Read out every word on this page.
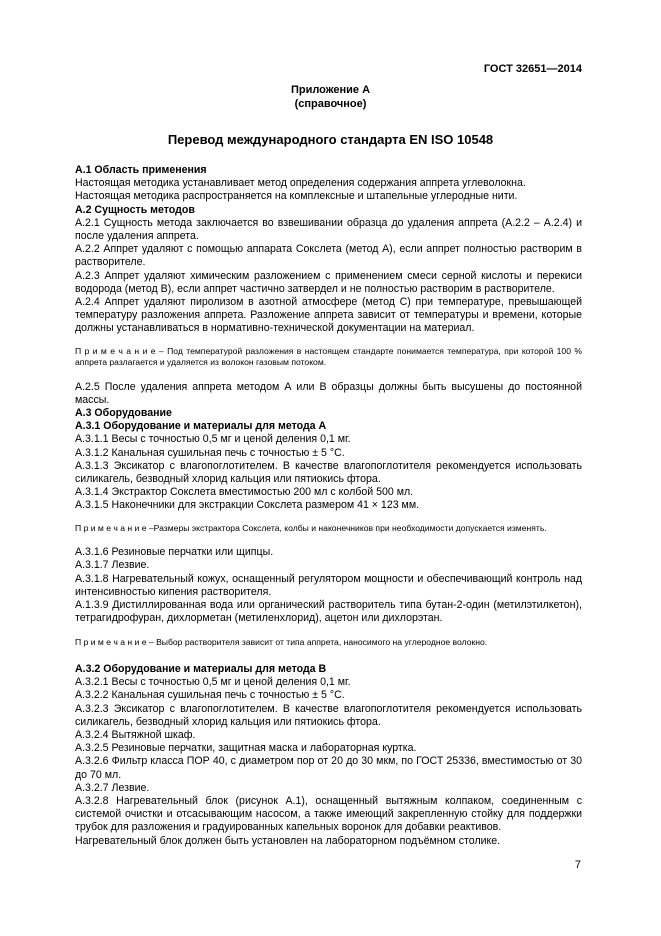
ГОСТ 32651—2014
Приложение А
(справочное)
Перевод международного стандарта EN ISO 10548

А.1 Область применения

Настоящая методика устанавливает метод определения содержания аппрета углеволокна.

Настоящая методика распространяется на комплексные и штапельные углеродные нити.

А.2 Сущность методов

А.2.1 Сущность метода заключается во взвешивании образца до удаления аппрета (А.2.2 – А.2.4) и после удаления аппрета.

А.2.2 Аппрет удаляют с помощью аппарата Сокслета (метод А), если аппрет полностью растворим в растворителе.

А.2.3 Аппрет удаляют химическим разложением с применением смеси серной кислоты и перекиси водорода (метод В), если аппрет частично затвердел и не полностью растворим в растворителе.

А.2.4 Аппрет удаляют пиролизом в азотной атмосфере (метод С) при температуре, превышающей температуру разложения аппрета. Разложение аппрета зависит от температуры и времени, которые должны устанавливаться в нормативно-технической документации на материал.

П р и м е ч а н и е – Под температурой разложения в настоящем стандарте понимается температура, при которой 100 % аппрета разлагается и удаляется из волокон газовым потоком.

А.2.5 После удаления аппрета методом А или В образцы должны быть высушены до постоянной массы.

А.3 Оборудование

А.3.1 Оборудование и материалы для метода А

А.3.1.1 Весы с точностью 0,5 мг и ценой деления 0,1 мг.

А.3.1.2 Канальная сушильная печь с точностью ± 5 °С.

А.3.1.3 Эксикатор с влагопоглотителем. В качестве влагопоглотителя рекомендуется использовать силикагель, безводный хлорид кальция или пятиокись фтора.

А.3.1.4 Экстрактор Сокслета вместимостью 200 мл с колбой 500 мл.

А.3.1.5 Наконечники для экстракции Сокслета размером 41 × 123 мм.

П р и м е ч а н и е –Размеры экстрактора Сокслета, колбы и наконечников при необходимости допускается изменять.

А.3.1.6 Резиновые перчатки или щипцы.

А.3.1.7 Лезвие.

А.3.1.8 Нагревательный кожух, оснащенный регулятором мощности и обеспечивающий контроль над интенсивностью кипения растворителя.

А.1.3.9 Дистиллированная вода или органический растворитель типа бутан-2-один (метилэтилкетон), тетрагидрофуран, дихлорметан (метиленхлорид), ацетон или дихлорэтан.

П р и м е ч а н и е – Выбор растворителя зависит от типа аппрета, наносимого на углеродное волокно.

А.3.2 Оборудование и материалы для метода В

А.3.2.1 Весы с точностью 0,5 мг и ценой деления 0,1 мг.

А.3.2.2 Канальная сушильная печь с точностью ± 5 °С.

А.3.2.3 Эксикатор с влагопоглотителем. В качестве влагопоглотителя рекомендуется использовать силикагель, безводный хлорид кальция или пятиокись фтора.

А.3.2.4 Вытяжной шкаф.

А.3.2.5 Резиновые перчатки, защитная маска и лабораторная куртка.

А.3.2.6 Фильтр класса ПОР 40, с диаметром пор от 20 до 30 мкм, по ГОСТ 25336, вместимостью от 30 до 70 мл.

А.3.2.7 Лезвие.

А.3.2.8 Нагревательный блок (рисунок А.1), оснащенный вытяжным колпаком, соединенным с системой очистки и отсасывающим насосом, а также имеющий закрепленную стойку для поддержки трубок для разложения и градуированных капельных воронок для добавки реактивов.

Нагревательный блок должен быть установлен на лабораторном подъёмном столике.

7
